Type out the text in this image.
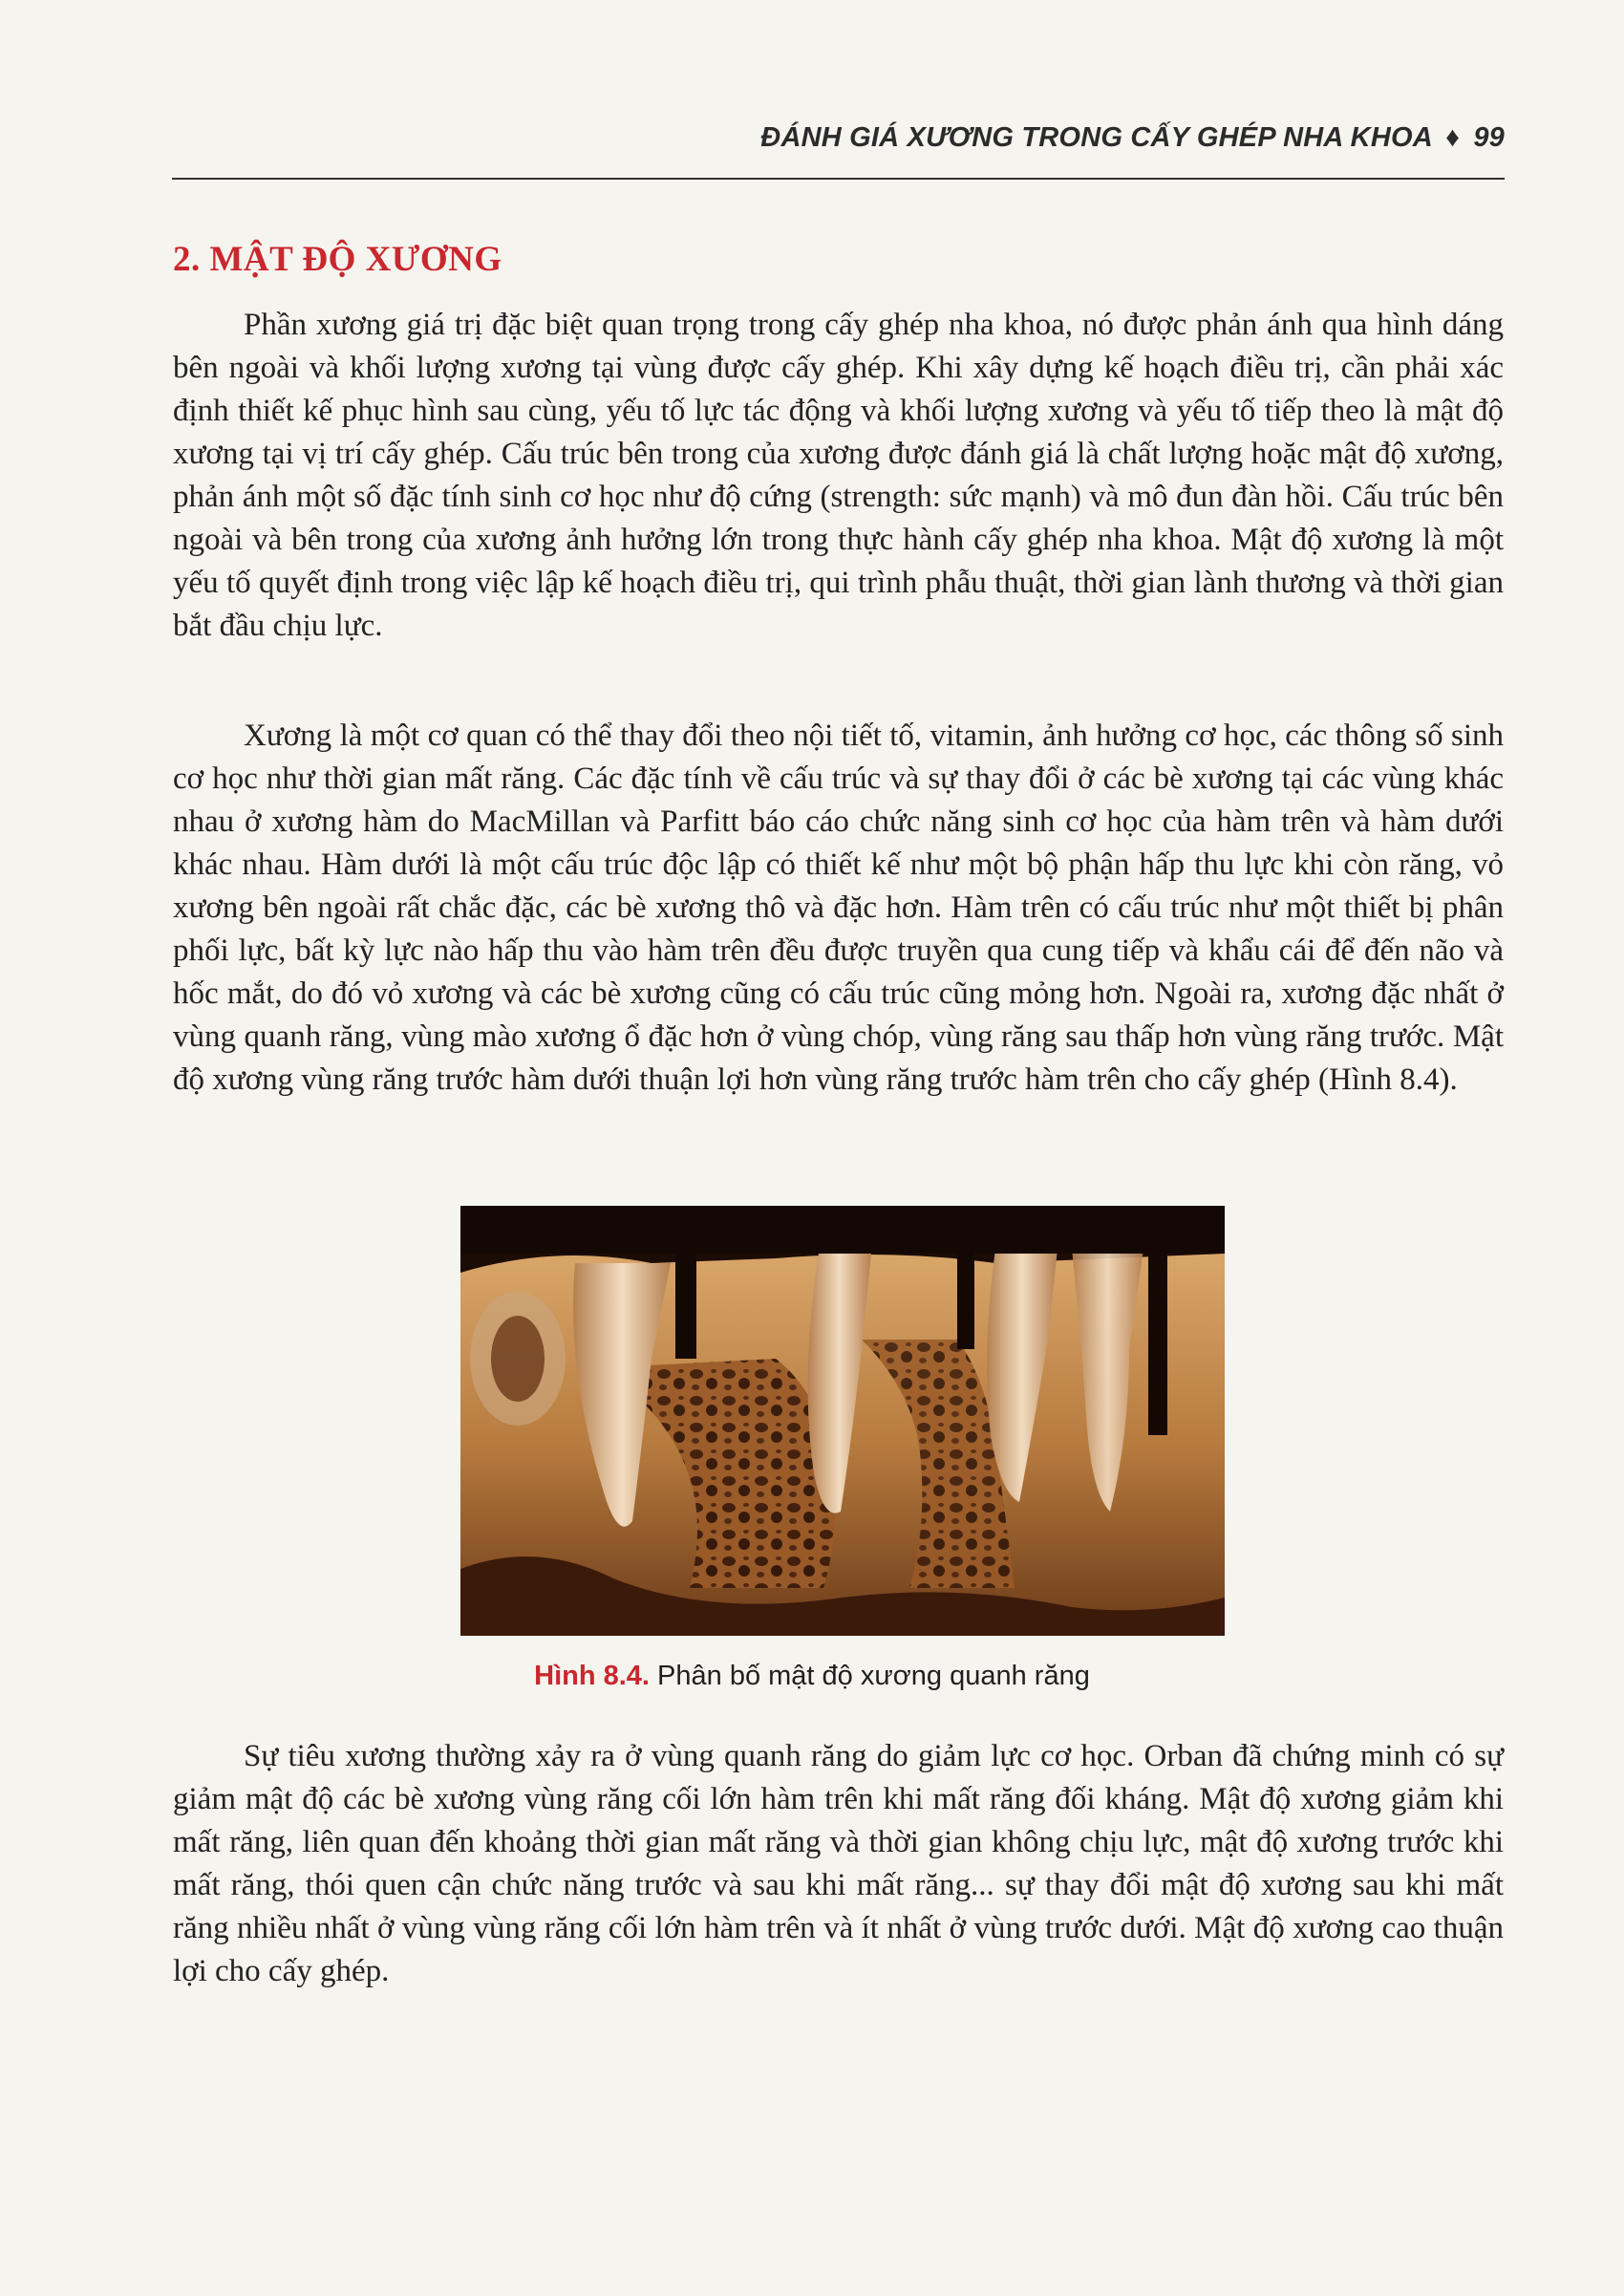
ĐÁNH GIÁ XƯƠNG TRONG CẤY GHÉP NHA KHOA ♦ 99
2. MẬT ĐỘ XƯƠNG

Phần xương giá trị đặc biệt quan trọng trong cấy ghép nha khoa, nó được phản ánh qua hình dáng bên ngoài và khối lượng xương tại vùng được cấy ghép. Khi xây dựng kế hoạch điều trị, cần phải xác định thiết kế phục hình sau cùng, yếu tố lực tác động và khối lượng xương và yếu tố tiếp theo là mật độ xương tại vị trí cấy ghép. Cấu trúc bên trong của xương được đánh giá là chất lượng hoặc mật độ xương, phản ánh một số đặc tính sinh cơ học như độ cứng (strength: sức mạnh) và mô đun đàn hồi. Cấu trúc bên ngoài và bên trong của xương ảnh hưởng lớn trong thực hành cấy ghép nha khoa. Mật độ xương là một yếu tố quyết định trong việc lập kế hoạch điều trị, qui trình phẫu thuật, thời gian lành thương và thời gian bắt đầu chịu lực.

Xương là một cơ quan có thể thay đổi theo nội tiết tố, vitamin, ảnh hưởng cơ học, các thông số sinh cơ học như thời gian mất răng. Các đặc tính về cấu trúc và sự thay đổi ở các bè xương tại các vùng khác nhau ở xương hàm do MacMillan và Parfitt báo cáo chức năng sinh cơ học của hàm trên và hàm dưới khác nhau. Hàm dưới là một cấu trúc độc lập có thiết kế như một bộ phận hấp thu lực khi còn răng, vỏ xương bên ngoài rất chắc đặc, các bè xương thô và đặc hơn. Hàm trên có cấu trúc như một thiết bị phân phối lực, bất kỳ lực nào hấp thu vào hàm trên đều được truyền qua cung tiếp và khẩu cái để đến não và hốc mắt, do đó vỏ xương và các bè xương cũng có cấu trúc cũng mỏng hơn. Ngoài ra, xương đặc nhất ở vùng quanh răng, vùng mào xương ổ đặc hơn ở vùng chóp, vùng răng sau thấp hơn vùng răng trước. Mật độ xương vùng răng trước hàm dưới thuận lợi hơn vùng răng trước hàm trên cho cấy ghép (Hình 8.4).

Hình 8.4. Phân bố mật độ xương quanh răng

Sự tiêu xương thường xảy ra ở vùng quanh răng do giảm lực cơ học. Orban đã chứng minh có sự giảm mật độ các bè xương vùng răng cối lớn hàm trên khi mất răng đối kháng. Mật độ xương giảm khi mất răng, liên quan đến khoảng thời gian mất răng và thời gian không chịu lực, mật độ xương trước khi mất răng, thói quen cận chức năng trước và sau khi mất răng... sự thay đổi mật độ xương sau khi mất răng nhiều nhất ở vùng vùng răng cối lớn hàm trên và ít nhất ở vùng trước dưới. Mật độ xương cao thuận lợi cho cấy ghép.
